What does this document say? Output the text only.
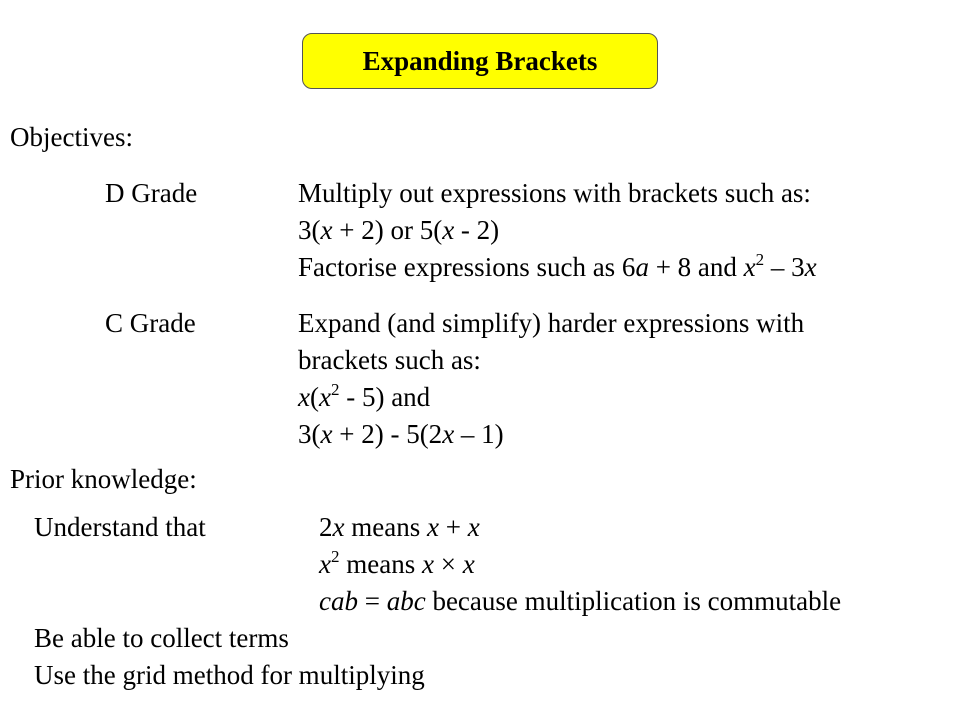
Expanding Brackets
Objectives:
D Grade	Multiply out expressions with brackets such as:
3(x + 2) or 5(x - 2)
Factorise expressions such as 6a + 8 and $x^2 - 3x$
C Grade	Expand (and simplify) harder expressions with
brackets such as:
$x(x^2 - 5)$ and
3(x + 2) - 5(2x – 1)
Prior knowledge:
Understand that	2x means x + x
$x^2$ means x × x
cab = abc because multiplication is commutable
Be able to collect terms
Use the grid method for multiplying
